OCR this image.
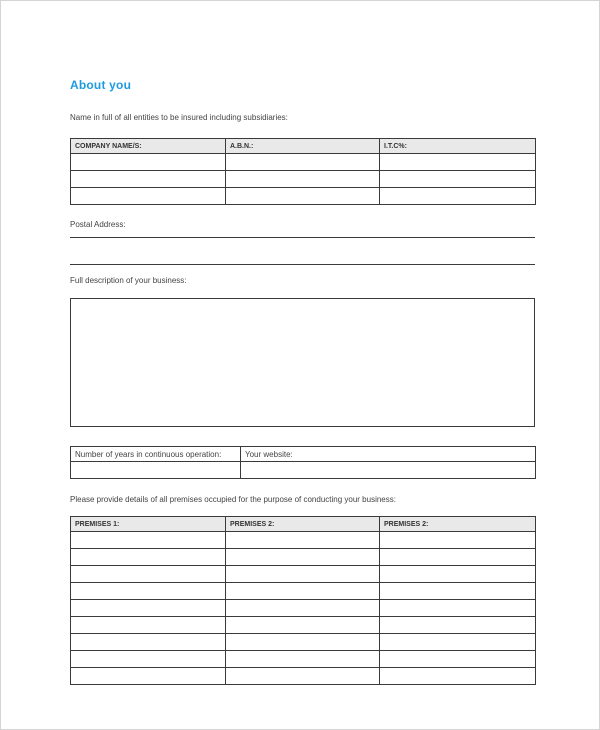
About you
Name in full of all entities to be insured including subsidiaries:
COMPANY NAME/S:	A.B.N.:	I.T.C%:

Postal Address:
Full description of your business:
Number of years in continuous operation:	Your website:

Please provide details of all premises occupied for the purpose of conducting your business:
PREMISES 1:	PREMISES 2:	PREMISES 2:
